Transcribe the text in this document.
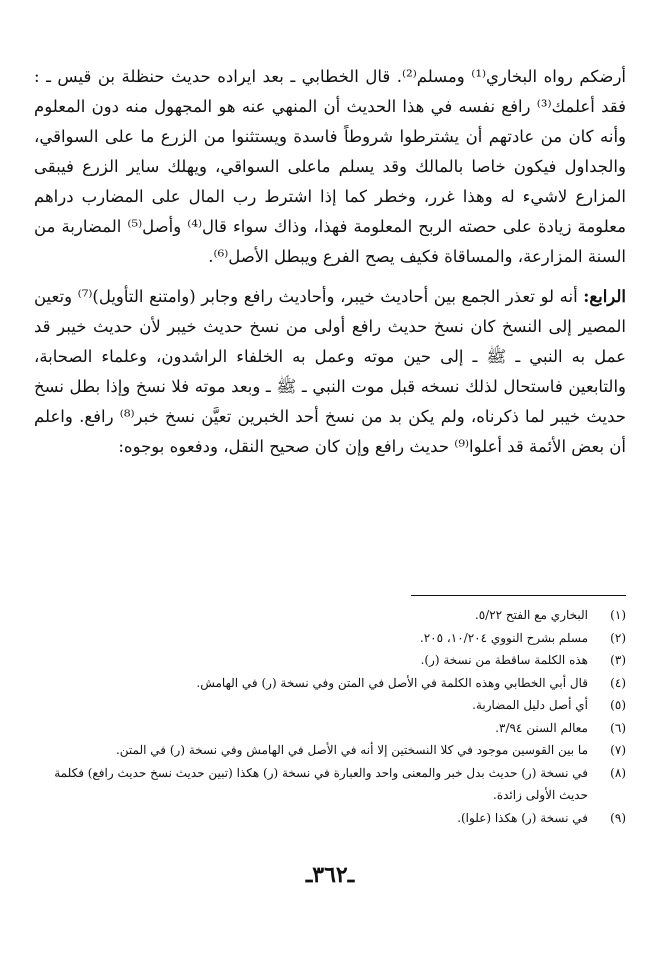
أرضكم رواه البخاري⁽¹⁾ ومسلم⁽²⁾. قال الخطابي ـ بعد ايراده حديث حنظلة بن قيس ـ : فقد أعلمك⁽³⁾ رافع نفسه في هذا الحديث أن المنهي عنه هو المجهول منه دون المعلوم وأنه كان من عادتهم أن يشترطوا شروطاً فاسدة ويستثنوا من الزرع ما على السواقي، والجداول فيكون خاصا بالمالك وقد يسلم ماعلى السواقي، ويهلك ساير الزرع فيبقى المزارع لاشيء له وهذا غرر، وخطر كما إذا اشترط رب المال على المضارب دراهم معلومة زيادة على حصته الربح المعلومة فهذا، وذاك سواء قال⁽⁴⁾ وأصل⁽⁵⁾ المضاربة من السنة المزارعة، والمساقاة فكيف يصح الفرع ويبطل الأصل⁽⁶⁾.

الرابع: أنه لو تعذر الجمع بين أحاديث خيبر، وأحاديث رافع وجابر (وامتنع التأويل)⁽⁷⁾ وتعين المصير إلى النسخ كان نسخ حديث رافع أولى من نسخ حديث خيبر لأن حديث خيبر قد عمل به النبي ـ ﷺ ـ إلى حين موته وعمل به الخلفاء الراشدون، وعلماء الصحابة، والتابعين فاستحال لذلك نسخه قبل موت النبي ـ ﷺ ـ وبعد موته فلا نسخ وإذا بطل نسخ حديث خيبر لما ذكرناه، ولم يكن بد من نسخ أحد الخبرين تعيَّن نسخ خبر⁽⁸⁾ رافع. واعلم أن بعض الأئمة قد أعلوا⁽⁹⁾ حديث رافع وإن كان صحيح النقل، ودفعوه بوجوه:

(١)
البخاري مع الفتح ٥/٢٢.
(٢)
مسلم بشرح النووي ١٠/٢٠٤، ٢٠٥.
(٣)
هذه الكلمة ساقطة من نسخة (ر).
(٤)
قال أبي الخطابي وهذه الكلمة في الأصل في المتن وفي نسخة (ر) في الهامش.
(٥)
أي أصل دليل المضاربة.
(٦)
معالم السنن ٣/٩٤.
(٧)
ما بين القوسين موجود في كلا النسختين إلا أنه في الأصل في الهامش وفي نسخة (ر) في المتن.
(٨)
في نسخة (ر) حديث بدل خبر والمعنى واحد والعبارة في نسخة (ر) هكذا (تبين حديث نسخ حديث رافع) فكلمة حديث الأولى زائدة.
(٩)
في نسخة (ر) هكذا (علوا).
ـ٣٦٢ـ
